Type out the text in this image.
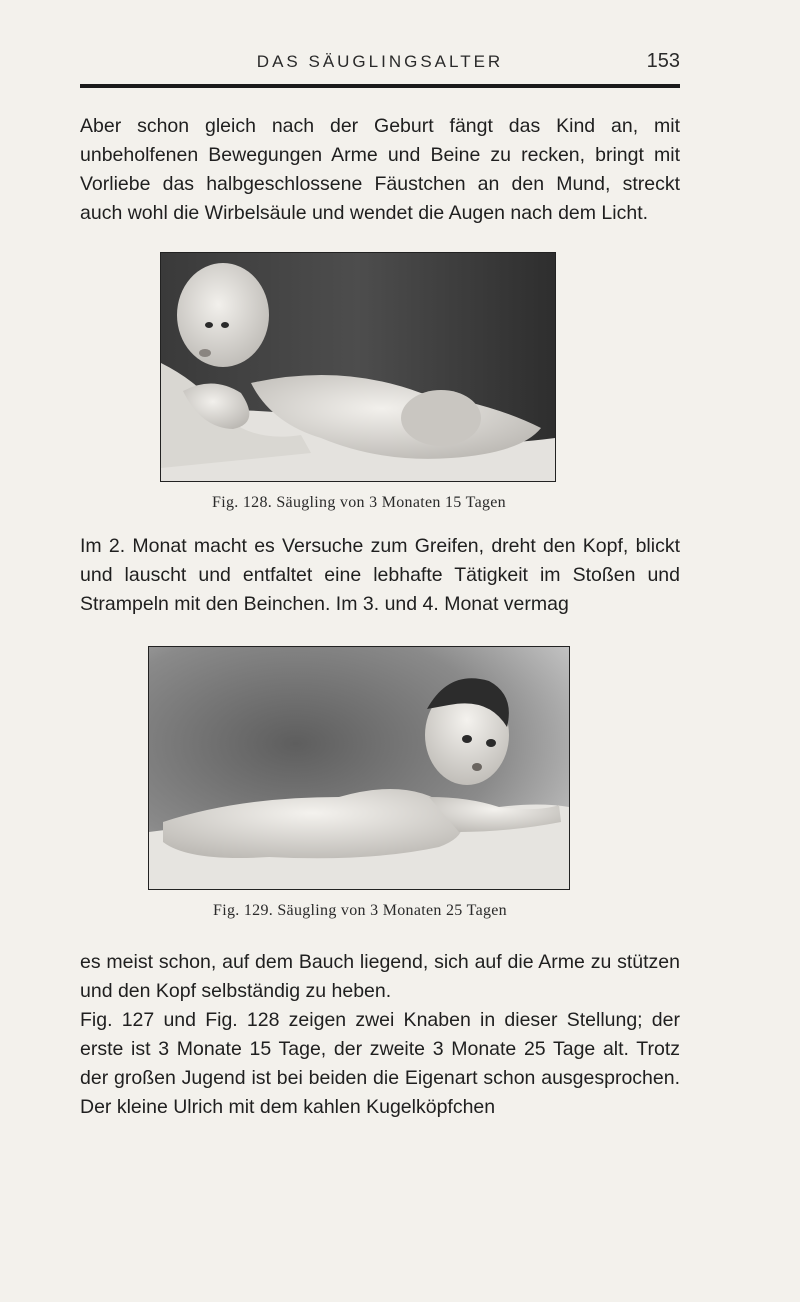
DAS SÄUGLINGSALTER	153

Aber schon gleich nach der Geburt fängt das Kind an, mit unbeholfenen Bewegungen Arme und Beine zu recken, bringt mit Vorliebe das halbgeschlossene Fäustchen an den Mund, streckt auch wohl die Wirbelsäule und wendet die Augen nach dem Licht.

Fig. 128. Säugling von 3 Monaten 15 Tagen

Im 2. Monat macht es Versuche zum Greifen, dreht den Kopf, blickt und lauscht und entfaltet eine lebhafte Tätigkeit im Stoßen und Strampeln mit den Beinchen. Im 3. und 4. Monat vermag

Fig. 129. Säugling von 3 Monaten 25 Tagen

es meist schon, auf dem Bauch liegend, sich auf die Arme zu stützen und den Kopf selbständig zu heben.

Fig. 127 und Fig. 128 zeigen zwei Knaben in dieser Stellung; der erste ist 3 Monate 15 Tage, der zweite 3 Monate 25 Tage alt. Trotz der großen Jugend ist bei beiden die Eigenart schon ausgesprochen. Der kleine Ulrich mit dem kahlen Kugelköpfchen
